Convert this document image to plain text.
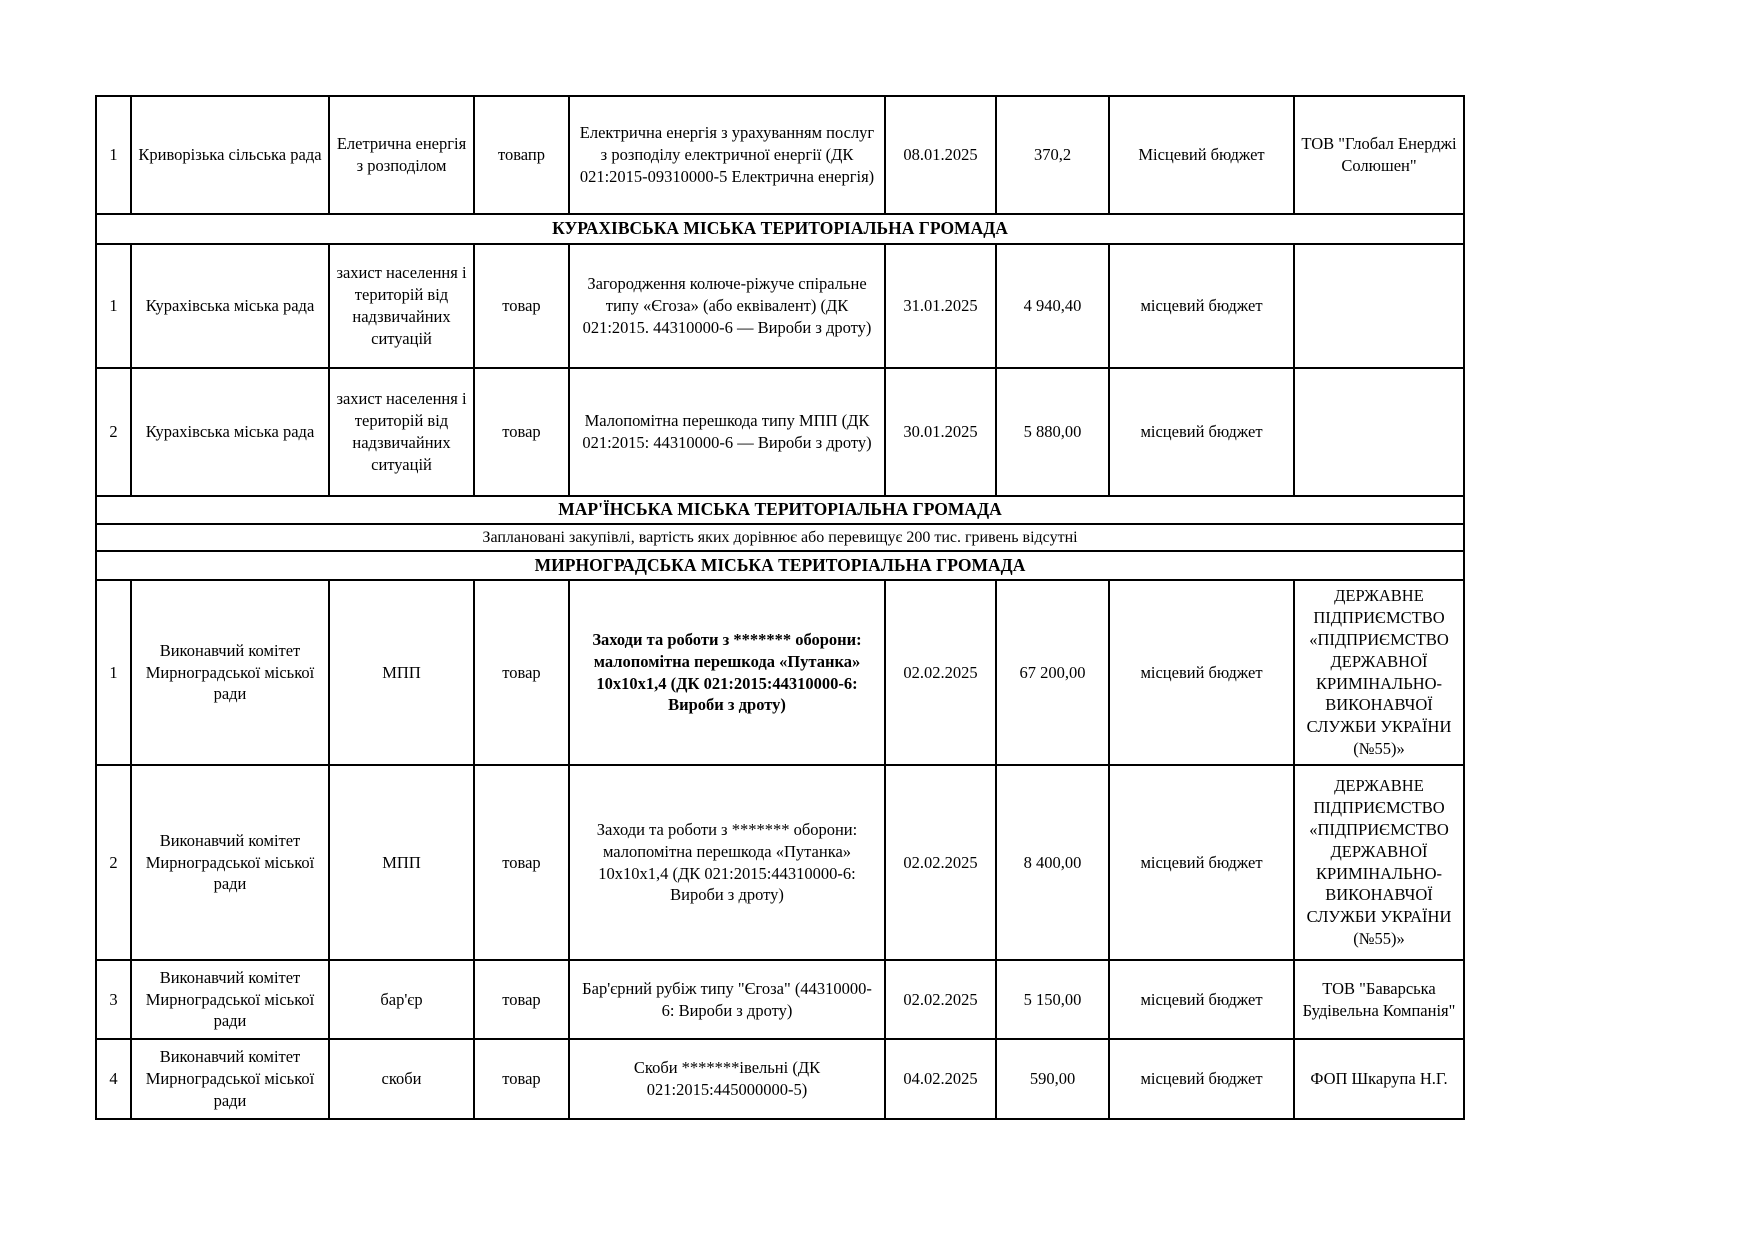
1	Криворізька сільська рада	Елетрична енергія з розподілом	товапр	Електрична енергія з урахуванням послуг з розподілу електричної енергії (ДК 021:2015-09310000-5 Електрична енергія)	08.01.2025	370,2	Місцевий бюджет	ТОВ "Глобал Енерджі Солюшен"
КУРАХІВСЬКА МІСЬКА ТЕРИТОРІАЛЬНА ГРОМАДА								
1	Курахівська міська рада	захист населення і територій від надзвичайних ситуацій	товар	Загородження колюче-ріжуче спіральне типу «Єгоза» (або еквівалент) (ДК 021:2015. 44310000-6 — Вироби з дроту)	31.01.2025	4 940,40	місцевий бюджет	
2	Курахівська міська рада	захист населення і територій від надзвичайних ситуацій	товар	Малопомітна перешкода типу МПП (ДК 021:2015: 44310000-6 — Вироби з дроту)	30.01.2025	5 880,00	місцевий бюджет	
МАР'ЇНСЬКА МІСЬКА ТЕРИТОРІАЛЬНА ГРОМАДА								
Заплановані закупівлі, вартість яких дорівнює або перевищує 200 тис. гривень відсутні								
МИРНОГРАДСЬКА МІСЬКА ТЕРИТОРІАЛЬНА ГРОМАДА								
1	Виконавчий комітет Мирноградської міської ради	МПП	товар	Заходи та роботи з ******* оборони: малопомітна перешкода «Путанка» 10х10х1,4 (ДК 021:2015:44310000-6: Вироби з дроту)	02.02.2025	67 200,00	місцевий бюджет	ДЕРЖАВНЕ ПІДПРИЄМСТВО «ПІДПРИЄМСТВО ДЕРЖАВНОЇ КРИМІНАЛЬНО-ВИКОНАВЧОЇ СЛУЖБИ УКРАЇНИ (№55)»
2	Виконавчий комітет Мирноградської міської ради	МПП	товар	Заходи та роботи з ******* оборони: малопомітна перешкода «Путанка» 10х10х1,4 (ДК 021:2015:44310000-6: Вироби з дроту)	02.02.2025	8 400,00	місцевий бюджет	ДЕРЖАВНЕ ПІДПРИЄМСТВО «ПІДПРИЄМСТВО ДЕРЖАВНОЇ КРИМІНАЛЬНО-ВИКОНАВЧОЇ СЛУЖБИ УКРАЇНИ (№55)»
3	Виконавчий комітет Мирноградської міської ради	бар'єр	товар	Бар'єрний рубіж типу "Єгоза" (44310000-6: Вироби з дроту)	02.02.2025	5 150,00	місцевий бюджет	ТОВ "Баварська Будівельна Компанія"
4	Виконавчий комітет Мирноградської міської ради	скоби	товар	Скоби *******івельні (ДК 021:2015:445000000-5)	04.02.2025	590,00	місцевий бюджет	ФОП Шкарупа Н.Г.
